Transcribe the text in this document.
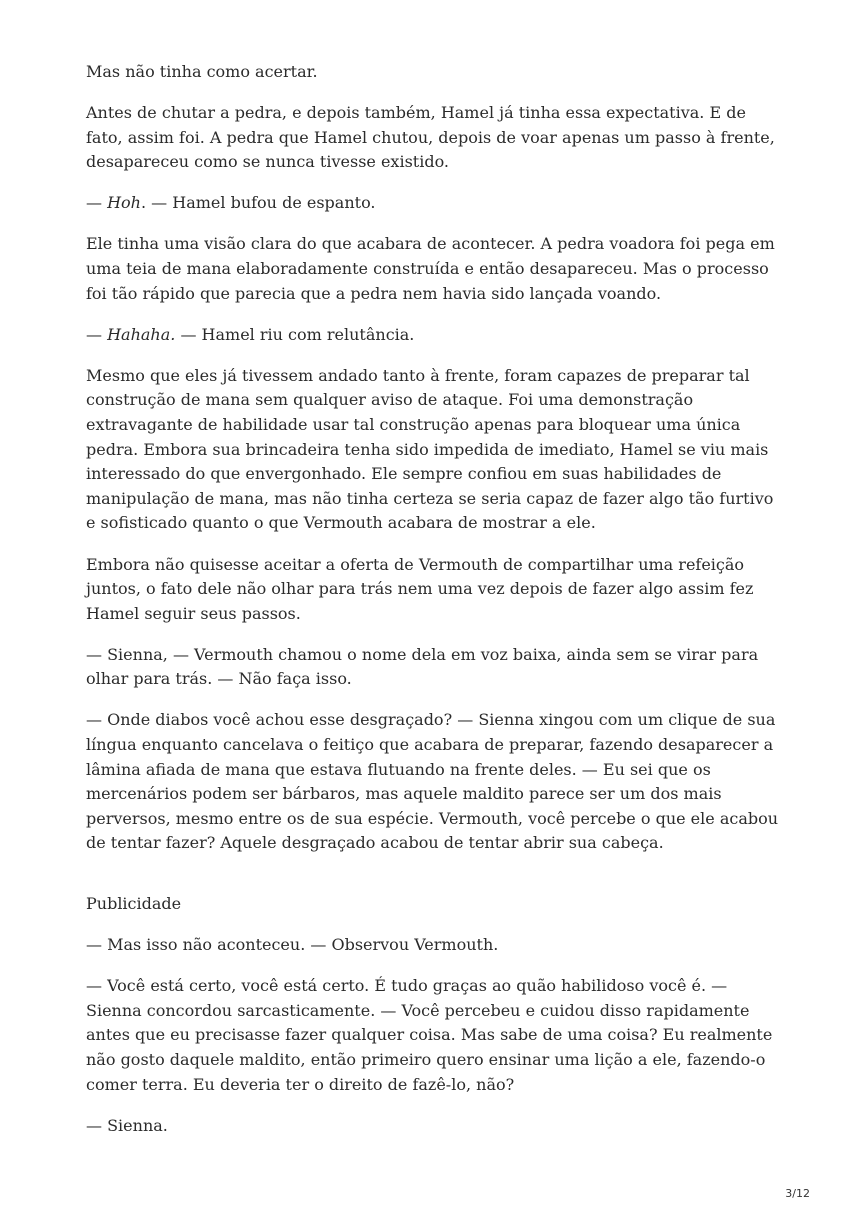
Mas não tinha como acertar.

Antes de chutar a pedra, e depois também, Hamel já tinha essa expectativa. E de fato, assim foi. A pedra que Hamel chutou, depois de voar apenas um passo à frente, desapareceu como se nunca tivesse existido.

— Hoh. — Hamel bufou de espanto.

Ele tinha uma visão clara do que acabara de acontecer. A pedra voadora foi pega em uma teia de mana elaboradamente construída e então desapareceu. Mas o processo foi tão rápido que parecia que a pedra nem havia sido lançada voando.

— Hahaha. — Hamel riu com relutância.

Mesmo que eles já tivessem andado tanto à frente, foram capazes de preparar tal construção de mana sem qualquer aviso de ataque. Foi uma demonstração extravagante de habilidade usar tal construção apenas para bloquear uma única pedra. Embora sua brincadeira tenha sido impedida de imediato, Hamel se viu mais interessado do que envergonhado. Ele sempre confiou em suas habilidades de manipulação de mana, mas não tinha certeza se seria capaz de fazer algo tão furtivo e sofisticado quanto o que Vermouth acabara de mostrar a ele.

Embora não quisesse aceitar a oferta de Vermouth de compartilhar uma refeição juntos, o fato dele não olhar para trás nem uma vez depois de fazer algo assim fez Hamel seguir seus passos.

— Sienna, — Vermouth chamou o nome dela em voz baixa, ainda sem se virar para olhar para trás. — Não faça isso.

— Onde diabos você achou esse desgraçado? — Sienna xingou com um clique de sua língua enquanto cancelava o feitiço que acabara de preparar, fazendo desaparecer a lâmina afiada de mana que estava flutuando na frente deles. — Eu sei que os mercenários podem ser bárbaros, mas aquele maldito parece ser um dos mais perversos, mesmo entre os de sua espécie. Vermouth, você percebe o que ele acabou de tentar fazer? Aquele desgraçado acabou de tentar abrir sua cabeça.

Publicidade

— Mas isso não aconteceu. — Observou Vermouth.

— Você está certo, você está certo. É tudo graças ao quão habilidoso você é. — Sienna concordou sarcasticamente. — Você percebeu e cuidou disso rapidamente antes que eu precisasse fazer qualquer coisa. Mas sabe de uma coisa? Eu realmente não gosto daquele maldito, então primeiro quero ensinar uma lição a ele, fazendo-o comer terra. Eu deveria ter o direito de fazê-lo, não?

— Sienna.

3/12
